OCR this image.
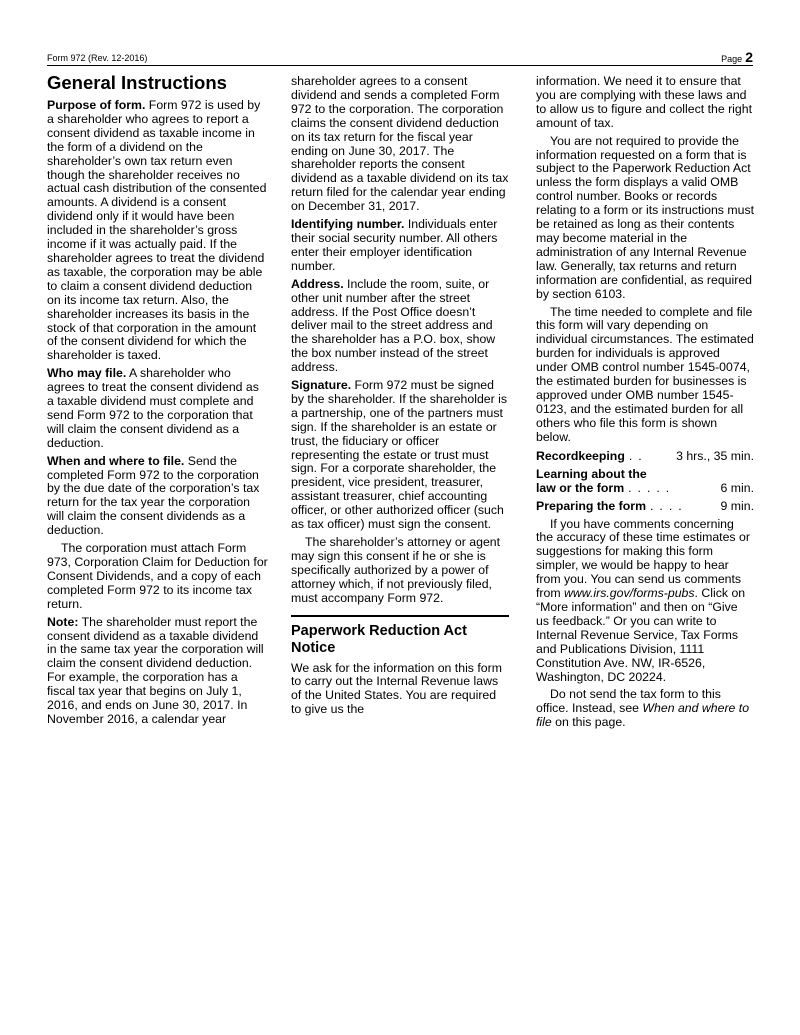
Form 972 (Rev. 12-2016)	Page 2
General Instructions

Purpose of form. Form 972 is used by a shareholder who agrees to report a consent dividend as taxable income in the form of a dividend on the shareholder’s own tax return even though the shareholder receives no actual cash distribution of the consented amounts. A dividend is a consent dividend only if it would have been included in the shareholder’s gross income if it was actually paid. If the shareholder agrees to treat the dividend as taxable, the corporation may be able to claim a consent dividend deduction on its income tax return. Also, the shareholder increases its basis in the stock of that corporation in the amount of the consent dividend for which the shareholder is taxed.

Who may file. A shareholder who agrees to treat the consent dividend as a taxable dividend must complete and send Form 972 to the corporation that will claim the consent dividend as a deduction.

When and where to file. Send the completed Form 972 to the corporation by the due date of the corporation’s tax return for the tax year the corporation will claim the consent dividends as a deduction.

The corporation must attach Form 973, Corporation Claim for Deduction for Consent Dividends, and a copy of each completed Form 972 to its income tax return.

Note: The shareholder must report the consent dividend as a taxable dividend in the same tax year the corporation will claim the consent dividend deduction. For example, the corporation has a fiscal tax year that begins on July 1, 2016, and ends on June 30, 2017. In November 2016, a calendar year

shareholder agrees to a consent dividend and sends a completed Form 972 to the corporation. The corporation claims the consent dividend deduction on its tax return for the fiscal year ending on June 30, 2017. The shareholder reports the consent dividend as a taxable dividend on its tax return filed for the calendar year ending on December 31, 2017.

Identifying number. Individuals enter their social security number. All others enter their employer identification number.

Address. Include the room, suite, or other unit number after the street address. If the Post Office doesn’t deliver mail to the street address and the shareholder has a P.O. box, show the box number instead of the street address.

Signature. Form 972 must be signed by the shareholder. If the shareholder is a partnership, one of the partners must sign. If the shareholder is an estate or trust, the fiduciary or officer representing the estate or trust must sign. For a corporate shareholder, the president, vice president, treasurer, assistant treasurer, chief accounting officer, or other authorized officer (such as tax officer) must sign the consent.

The shareholder’s attorney or agent may sign this consent if he or she is specifically authorized by a power of attorney which, if not previously filed, must accompany Form 972.

Paperwork Reduction Act Notice

We ask for the information on this form to carry out the Internal Revenue laws of the United States. You are required to give us the

information. We need it to ensure that you are complying with these laws and to allow us to figure and collect the right amount of tax.

You are not required to provide the information requested on a form that is subject to the Paperwork Reduction Act unless the form displays a valid OMB control number. Books or records relating to a form or its instructions must be retained as long as their contents may become material in the administration of any Internal Revenue law. Generally, tax returns and return information are confidential, as required by section 6103.

The time needed to complete and file this form will vary depending on individual circumstances. The estimated burden for individuals is approved under OMB control number 1545-0074, the estimated burden for businesses is approved under OMB number 1545-0123, and the estimated burden for all others who file this form is shown below.

Recordkeeping ..	3 hrs., 35 min.
Learning about the
law or the form .....	6 min.
Preparing the form ....	9 min.

If you have comments concerning the accuracy of these time estimates or suggestions for making this form simpler, we would be happy to hear from you. You can send us comments from www.irs.gov/forms-pubs. Click on “More information” and then on “Give us feedback.” Or you can write to Internal Revenue Service, Tax Forms and Publications Division, 1111 Constitution Ave. NW, IR-6526, Washington, DC 20224.

Do not send the tax form to this office. Instead, see When and where to file on this page.
